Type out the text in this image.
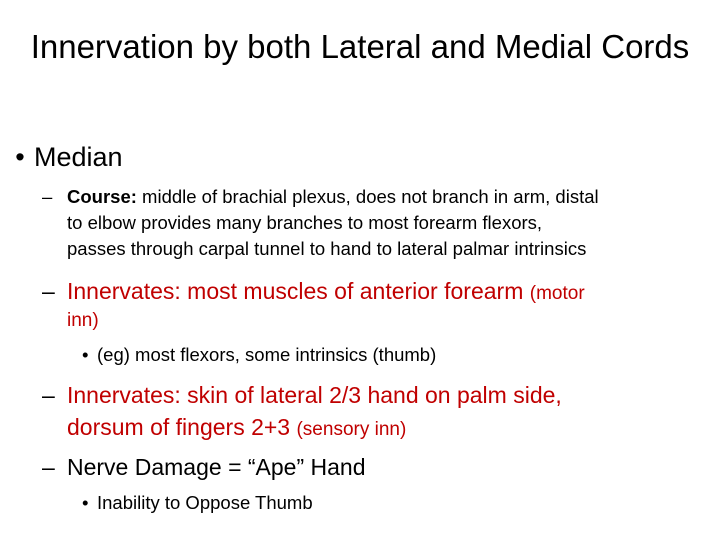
Innervation by both Lateral and Medial Cords
• Median
– Course: middle of brachial plexus, does not branch in arm, distal

to elbow provides many branches to most forearm flexors,

passes through carpal tunnel to hand to lateral palmar intrinsics

– Innervates: most muscles of anterior forearm (motor
inn)
• (eg) most flexors, some intrinsics (thumb)
– Innervates: skin of lateral 2/3 hand on palm side,
dorsum of fingers 2+3 (sensory inn)
– Nerve Damage = “Ape” Hand
• Inability to Oppose Thumb
